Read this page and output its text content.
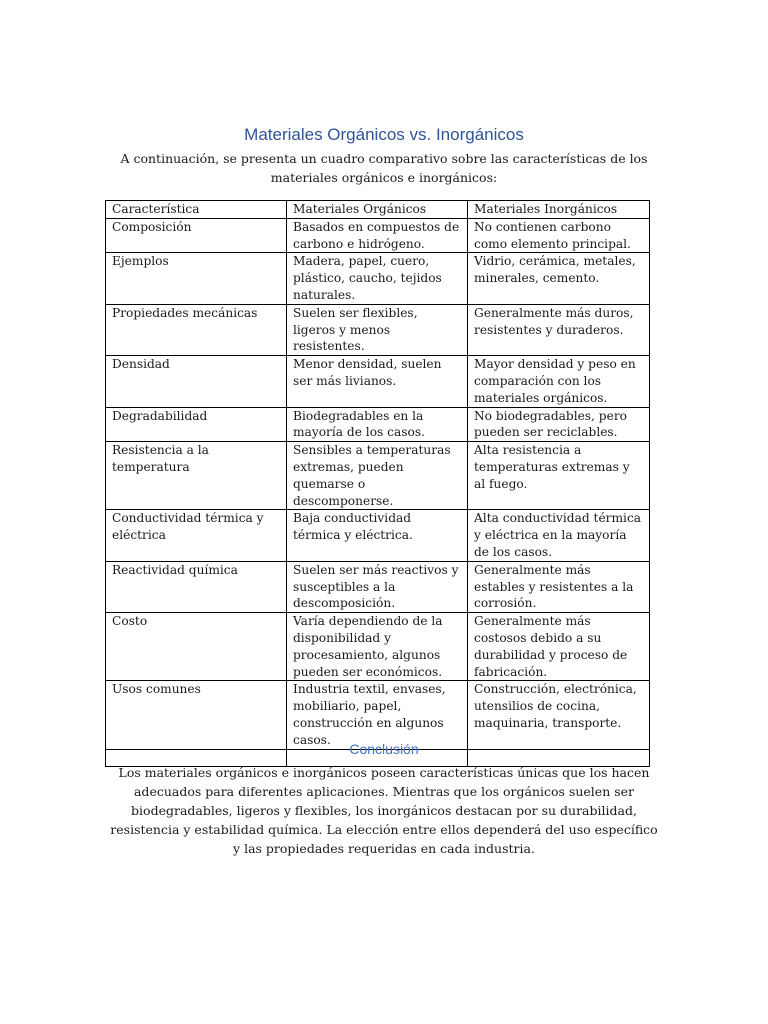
Materiales Orgánicos vs. Inorgánicos
A continuación, se presenta un cuadro comparativo sobre las características de los materiales orgánicos e inorgánicos:
Característica	Materiales Orgánicos	Materiales Inorgánicos
Composición	Basados en compuestos de carbono e hidrógeno.	No contienen carbono como elemento principal.
Ejemplos	Madera, papel, cuero, plástico, caucho, tejidos naturales.	Vidrio, cerámica, metales, minerales, cemento.
Propiedades mecánicas	Suelen ser flexibles, ligeros y menos resistentes.	Generalmente más duros, resistentes y duraderos.
Densidad	Menor densidad, suelen ser más livianos.	Mayor densidad y peso en comparación con los materiales orgánicos.
Degradabilidad	Biodegradables en la mayoría de los casos.	No biodegradables, pero pueden ser reciclables.
Resistencia a la temperatura	Sensibles a temperaturas extremas, pueden quemarse o descomponerse.	Alta resistencia a temperaturas extremas y al fuego.
Conductividad térmica y eléctrica	Baja conductividad térmica y eléctrica.	Alta conductividad térmica y eléctrica en la mayoría de los casos.
Reactividad química	Suelen ser más reactivos y susceptibles a la descomposición.	Generalmente más estables y resistentes a la corrosión.
Costo	Varía dependiendo de la disponibilidad y procesamiento, algunos pueden ser económicos.	Generalmente más costosos debido a su durabilidad y proceso de fabricación.
Usos comunes	Industria textil, envases, mobiliario, papel, construcción en algunos casos.	Construcción, electrónica, utensilios de cocina, maquinaria, transporte.

Conclusión
Los materiales orgánicos e inorgánicos poseen características únicas que los hacen adecuados para diferentes aplicaciones. Mientras que los orgánicos suelen ser biodegradables, ligeros y flexibles, los inorgánicos destacan por su durabilidad, resistencia y estabilidad química. La elección entre ellos dependerá del uso específico y las propiedades requeridas en cada industria.
